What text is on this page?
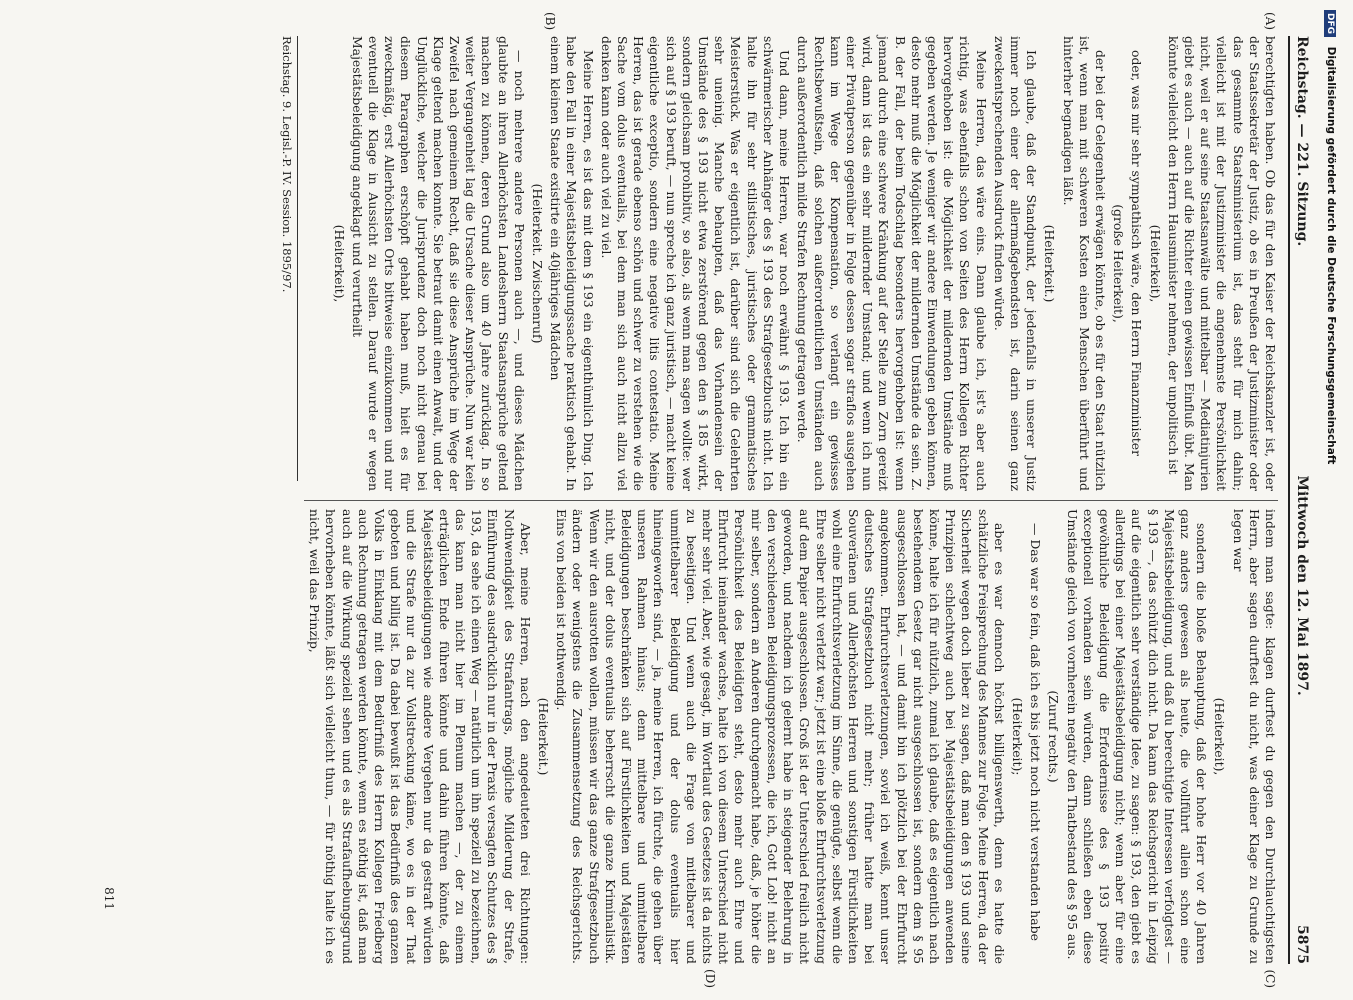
Reichstag. — 221. Sitzung.
Mittwoch den 12. Mai 1897.
5875
(A)
(B)

berechtigten haben. Ob das für den Kaiser der Reichskanzler ist, oder der Staatssekretär der Justiz, ob es in Preußen der Justizminister oder das gesammte Staatsministerium ist, das steht für mich dahin; vielleicht ist mit der Justizminister die angenehmste Persönlichkeit nicht, weil er auf seine Staatsanwälte und mittelbar — Mediatinjurien giebt es auch — auch auf die Richter einen gewissen Einfluß übt. Man könnte vielleicht den Herrn Hausminister nehmen, der unpolitisch ist

(Heiterkeit),

oder, was mir sehr sympathisch wäre, den Herrn Finanzminister

(große Heiterkeit),

der bei der Gelegenheit erwägen könnte, ob es für den Staat nützlich ist, wenn man mit schweren Kosten einen Menschen überführt und hinterher begnadigen läßt.

(Heiterkeit.)

Ich glaube, daß der Standpunkt, der jedenfalls in unserer Justiz immer noch einer der allermaßgebendsten ist, darin seinen ganz zweckentsprechenden Ausdruck finden würde.

Meine Herren, das wäre eins. Dann glaube ich, ist's aber auch richtig, was ebenfalls schon von Seiten des Herrn Kollegen Richter hervorgehoben ist: die Möglichkeit der mildernden Umstände muß gegeben werden. Je weniger wir andere Einwendungen geben können, desto mehr muß die Möglichkeit der mildernden Umstände da sein. Z. B. der Fall, der beim Todschlag besonders hervorgehoben ist: wenn jemand durch eine schwere Kränkung auf der Stelle zum Zorn gereizt wird, dann ist das ein sehr mildernder Umstand; und wenn ich nun einer Privatperson gegenüber in Folge dessen sogar straflos ausgehen kann im Wege der Kompensation, so verlangt ein gewisses Rechtsbewußtsein, daß solchen außerordentlichen Umständen auch durch außerordentlich milde Strafen Rechnung getragen werde.

Und dann, meine Herren, war noch erwähnt § 193. Ich bin ein schwärmerischer Anhänger des § 193 des Strafgesetzbuchs nicht. Ich halte ihn für sehr stilistisches, juristisches oder grammatisches Meisterstück. Was er eigentlich ist, darüber sind sich die Gelehrten sehr uneinig. Manche behaupten, daß das Vorhandensein der Umstände des § 193 nicht etwa zerstörend gegen den § 185 wirkt, sondern gleichsam prohibitiv, so also, als wenn man sagen wollte: wer sich auf § 193 beruft, — nun spreche ich ganz juristisch, — macht keine eigentliche exceptio, sondern eine negative litis contestatio. Meine Herren, das ist gerade ebenso schön und schwer zu verstehen wie die Sache vom dolus eventualis, bei dem man sich auch nicht allzu viel denken kann oder auch viel zu viel.

Meine Herren, es ist das mit dem § 193 ein eigenthümlich Ding. Ich habe den Fall in einer Majestätsbeleidigungssache praktisch gehabt. In einem kleinen Staate existirte ein 40jähriges Mädchen

(Heiterkeit. Zwischenruf)

— noch mehrere andere Personen auch —, und dieses Mädchen glaubte an ihren Allerhöchsten Landesherrn Staatsansprüche geltend machen zu können, deren Grund also um 40 Jahre zurücklag. In so weiter Vergangenheit lag die Ursache dieser Ansprüche. Nun war kein Zweifel nach gemeinem Recht, daß sie diese Ansprüche im Wege der Klage geltend machen konnte. Sie betraut damit einen Anwalt, und der Unglückliche, welcher die Jurisprudenz doch noch nicht genau bei diesem Paragraphen erschöpft gehabt haben muß, hielt es für zweckmäßig, erst Allerhöchsten Orts bittweise einzukommen und nur eventuell die Klage in Aussicht zu stellen. Darauf wurde er wegen Majestätsbeleidigung angeklagt und verurtheilt

(Heiterkeit),

(C)
(D)

indem man sagte: klagen durftest du gegen den Durchlauchtigsten Herrn, aber sagen durftest du nicht, was deiner Klage zu Grunde zu legen war

(Heiterkeit),

sondern die bloße Behauptung, daß der hohe Herr vor 40 Jahren ganz anders gewesen als heute, die vollführt allein schon eine Majestätsbeleidigung, und daß du berechtigte Interessen verfolgtest — § 193 —, das schützt dich nicht. Da kann das Reichsgericht in Leipzig auf die eigentlich sehr verständige Idee, zu sagen: § 193, den giebt es allerdings bei einer Majestätsbeleidigung nicht; wenn aber für eine gewöhnliche Beleidigung die Erfordernisse des § 193 positiv exceptionell vorhanden sein würden, dann schließen eben diese Umstände gleich von vornherein negativ den Thatbestand des § 95 aus.

(Zuruf rechts.)

— Das war so fein, daß ich es bis jetzt noch nicht verstanden habe

(Heiterkeit);

aber es war dennoch höchst billigenswerth, denn es hatte die schätzliche Freisprechung des Mannes zur Folge. Meine Herren, da der Sicherheit wegen doch lieber zu sagen, daß man den § 193 und seine Prinzipien schlechtweg auch bei Majestätsbeleidigungen anwenden könne, halte ich für nützlich, zumal ich glaube, daß es eigentlich nach bestehendem Gesetz gar nicht ausgeschlossen ist, sondern dem § 95 ausgeschlossen hat, — und damit bin ich plötzlich bei der Ehrfurcht angekommen. Ehrfurchtsverletzungen, soviel ich weiß, kennt unser deutsches Strafgesetzbuch nicht mehr; früher hatte man bei Souveränen und Allerhöchsten Herren und sonstigen Fürstlichkeiten wohl eine Ehrfurchtsverletzung im Sinne, die genügte, selbst wenn die Ehre selber nicht verletzt war; jetzt ist eine bloße Ehrfurchtsverletzung auf dem Papier ausgeschlossen. Groß ist der Unterschied freilich nicht geworden, und nachdem ich gelernt habe in steigender Belehrung in den verschiedenen Beleidigungsprozessen, die ich, Gott Lob! nicht an mir selber, sondern an Anderen durchgemacht habe, daß, je höher die Persönlichkeit des Beleidigten steht, desto mehr auch Ehre und Ehrfurcht ineinander wachse, halte ich von diesem Unterschied nicht mehr sehr viel. Aber, wie gesagt, im Wortlaut des Gesetzes ist da nichts zu beseitigen. Und wenn auch die Frage von mittelbarer und unmittelbarer Beleidigung und der dolus eventualis hier hineingeworfen sind, — ja, meine Herren, ich fürchte, die gehen über unseren Rahmen hinaus; denn mittelbare und unmittelbare Beleidigungen beschränken sich auf Fürstlichkeiten und Majestäten nicht, und der dolus eventualis beherrscht die ganze Kriminalistik. Wenn wir den ausrotten wollen, müssen wir das ganze Strafgesetzbuch ändern oder wenigstens die Zusammensetzung des Reichsgerichts. Eins von beiden ist nothwendig.

(Heiterkeit.)

Aber, meine Herren, nach den angedeuteten drei Richtungen: Nothwendigkeit des Strafantrags, mögliche Milderung der Strafe, Einführung des ausdrücklich nur in der Praxis versagten Schutzes des § 193, da sehe ich einen Weg — natürlich um ihn speziell zu bezeichnen, das kann man nicht hier im Plenum machen —, der zu einem erträglichen Ende führen könnte und dahin führen könnte, daß Majestätsbeleidigungen wie andere Vergehen nur da gestraft würden und die Strafe nur da zur Vollstreckung käme, wo es in der That geboten und billig ist. Da dabei bewußt ist das Bedürfniß des ganzen Volks in Einklang mit dem Bedürfniß des Herrn Kollegen Friedberg auch Rechnung getragen werden könnte, wenn es nöthig ist, daß man auch auf die Wirkung speziell sehen und es als Strafaufhebungsgrund hervorheben könnte, läßt sich vielleicht thun, — für nöthig halte ich es nicht, weil das Prinzip,

Reichstag. 9. Legisl.-P. IV. Session. 1895/97.
811
DFG Digitalisierung gefördert durch die Deutsche Forschungsgemeinschaft
